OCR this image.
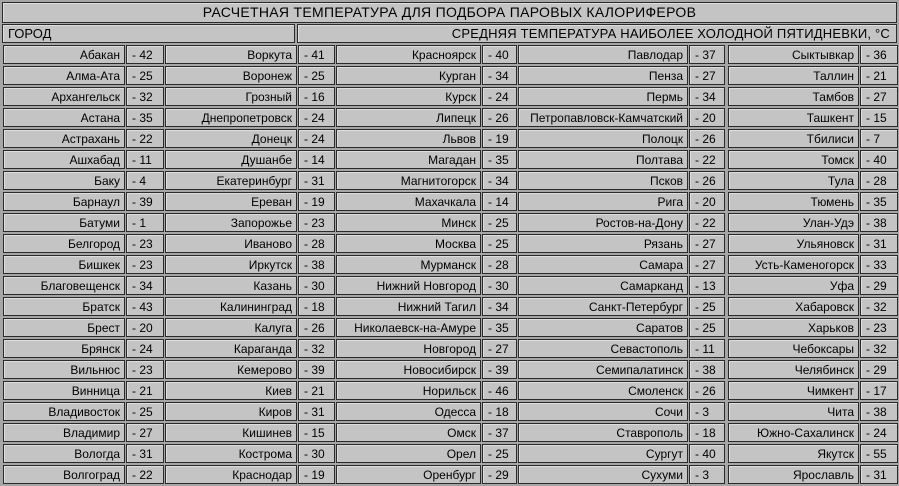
РАСЧЕТНАЯ ТЕМПЕРАТУРА ДЛЯ ПОДБОРА ПАРОВЫХ КАЛОРИФЕРОВ
ГОРОД	СРЕДНЯЯ ТЕМПЕРАТУРА НАИБОЛЕЕ ХОЛОДНОЙ ПЯТИДНЕВКИ, °С
Абакан	- 42
Алма-Ата	- 25
Архангельск	- 32
Астана	- 35
Астрахань	- 22
Ашхабад	- 11
Баку	- 4
Барнаул	- 39
Батуми	- 1
Белгород	- 23
Бишкек	- 23
Благовещенск	- 34
Братск	- 43
Брест	- 20
Брянск	- 24
Вильнюс	- 23
Винница	- 21
Владивосток	- 25
Владимир	- 27
Вологда	- 31
Волгоград	- 22
Воркута	- 41
Воронеж	- 25
Грозный	- 16
Днепропетровск	- 24
Донецк	- 24
Душанбе	- 14
Екатеринбург	- 31
Ереван	- 19
Запорожье	- 23
Иваново	- 28
Иркутск	- 38
Казань	- 30
Калининград	- 18
Калуга	- 26
Караганда	- 32
Кемерово	- 39
Киев	- 21
Киров	- 31
Кишинев	- 15
Кострома	- 30
Краснодар	- 19
Красноярск	- 40
Курган	- 34
Курск	- 24
Липецк	- 26
Львов	- 19
Магадан	- 35
Магнитогорск	- 34
Махачкала	- 14
Минск	- 25
Москва	- 25
Мурманск	- 28
Нижний Новгород	- 30
Нижний Тагил	- 34
Николаевск-на-Амуре	- 35
Новгород	- 27
Новосибирск	- 39
Норильск	- 46
Одесса	- 18
Омск	- 37
Орел	- 25
Оренбург	- 29
Павлодар	- 37
Пенза	- 27
Пермь	- 34
Петропавловск-Камчатский	- 20
Полоцк	- 26
Полтава	- 22
Псков	- 26
Рига	- 20
Ростов-на-Дону	- 22
Рязань	- 27
Самара	- 27
Самарканд	- 13
Санкт-Петербург	- 25
Саратов	- 25
Севастополь	- 11
Семипалатинск	- 38
Смоленск	- 26
Сочи	- 3
Ставрополь	- 18
Сургут	- 40
Сухуми	- 3
Сыктывкар	- 36
Таллин	- 21
Тамбов	- 27
Ташкент	- 15
Тбилиси	- 7
Томск	- 40
Тула	- 28
Тюмень	- 35
Улан-Удэ	- 38
Ульяновск	- 31
Усть-Каменогорск	- 33
Уфа	- 29
Хабаровск	- 32
Харьков	- 23
Чебоксары	- 32
Челябинск	- 29
Чимкент	- 17
Чита	- 38
Южно-Сахалинск	- 24
Якутск	- 55
Ярославль	- 31
